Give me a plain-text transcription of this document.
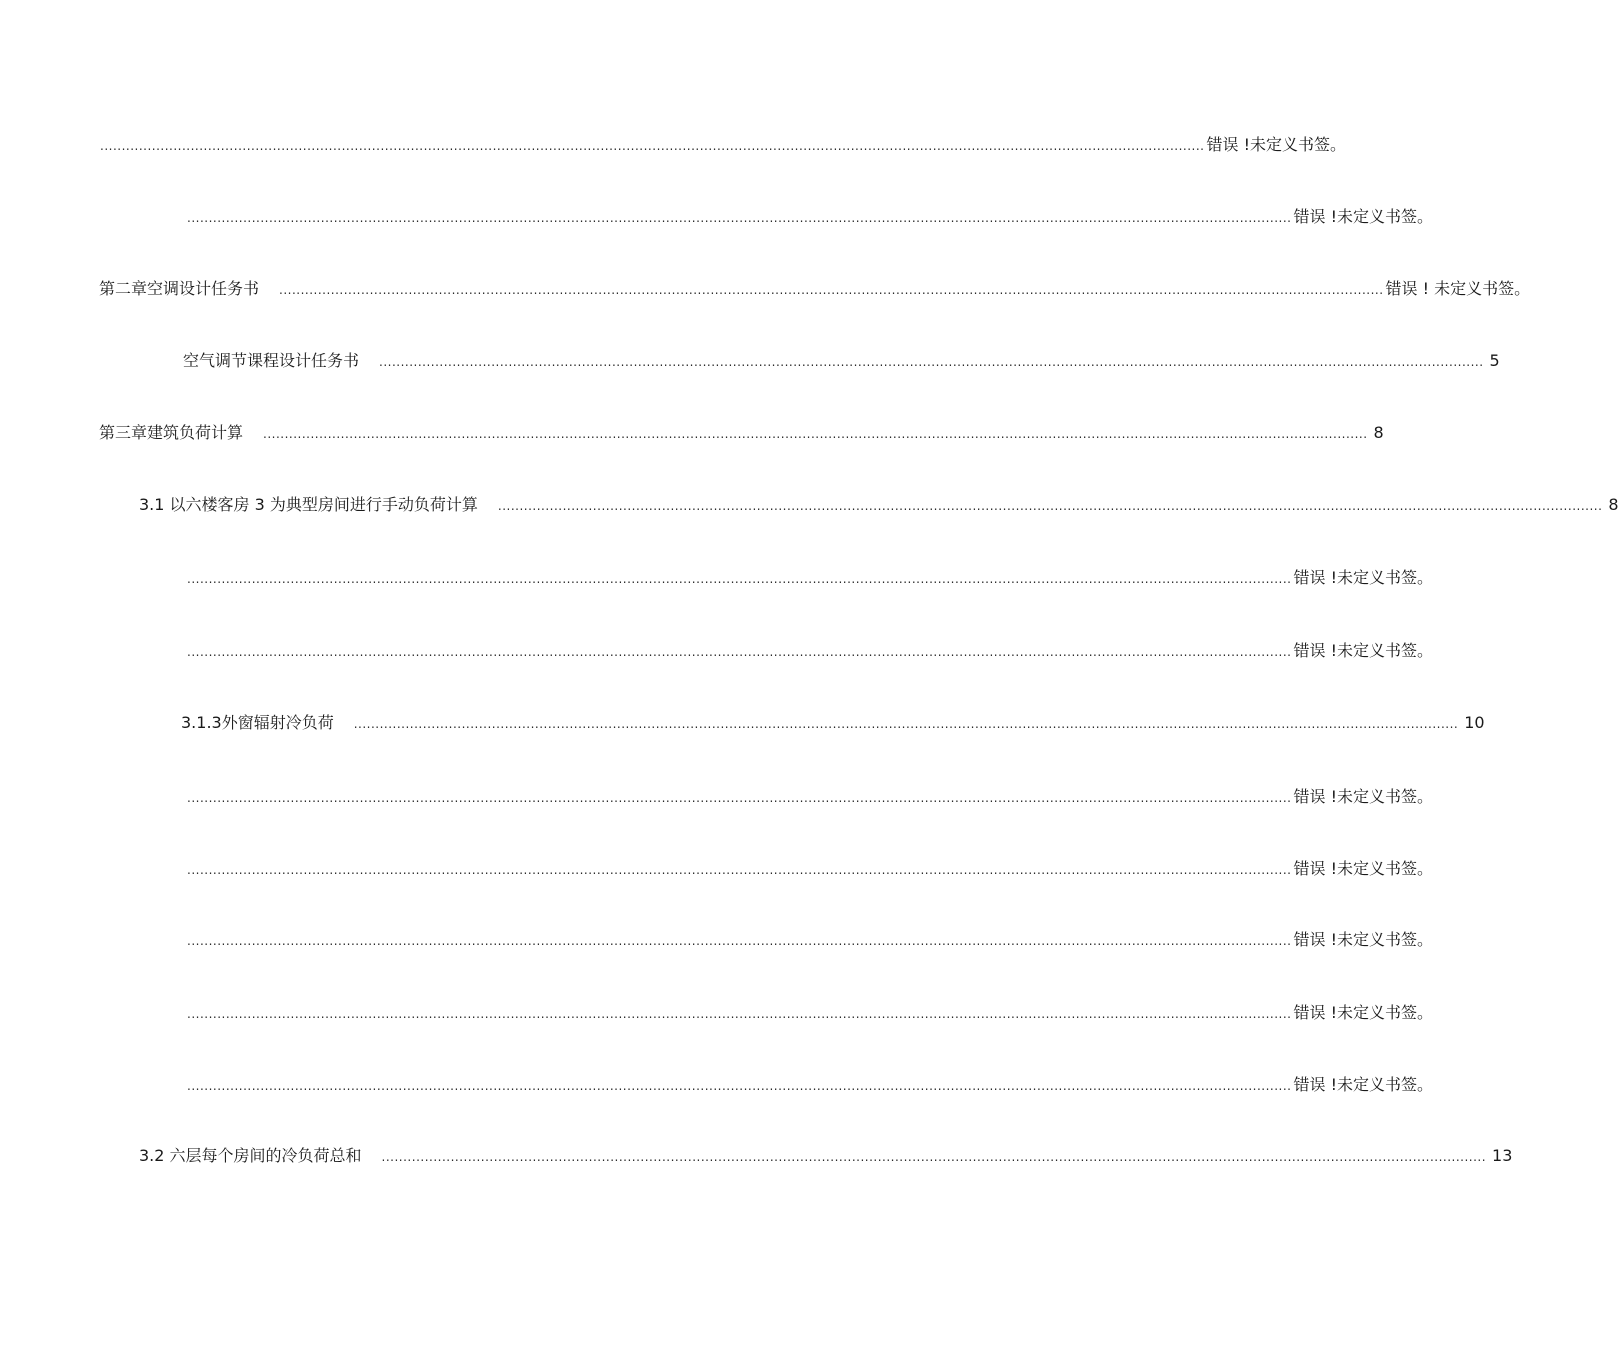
................................................................................................................................................................................................................................................................ 错误 !未定义书签。
................................................................................................................................................................................................................................................................ 错误 !未定义书签。
第二章空调设计任务书	................................................................................................................................................................................................................................................................ 错误 ! 未定义书签。
空气调节课程设计任务书	................................................................................................................................................................................................................................................................ 5
第三章建筑负荷计算	................................................................................................................................................................................................................................................................ 8
3.1 以六楼客房 3 为典型房间进行手动负荷计算	................................................................................................................................................................................................................................................................ 8
................................................................................................................................................................................................................................................................ 错误 !未定义书签。
................................................................................................................................................................................................................................................................ 错误 !未定义书签。
3.1.3外窗辐射冷负荷	................................................................................................................................................................................................................................................................ 10
................................................................................................................................................................................................................................................................ 错误 !未定义书签。
................................................................................................................................................................................................................................................................ 错误 !未定义书签。
................................................................................................................................................................................................................................................................ 错误 !未定义书签。
................................................................................................................................................................................................................................................................ 错误 !未定义书签。
................................................................................................................................................................................................................................................................ 错误 !未定义书签。
3.2 六层每个房间的冷负荷总和	................................................................................................................................................................................................................................................................ 13
